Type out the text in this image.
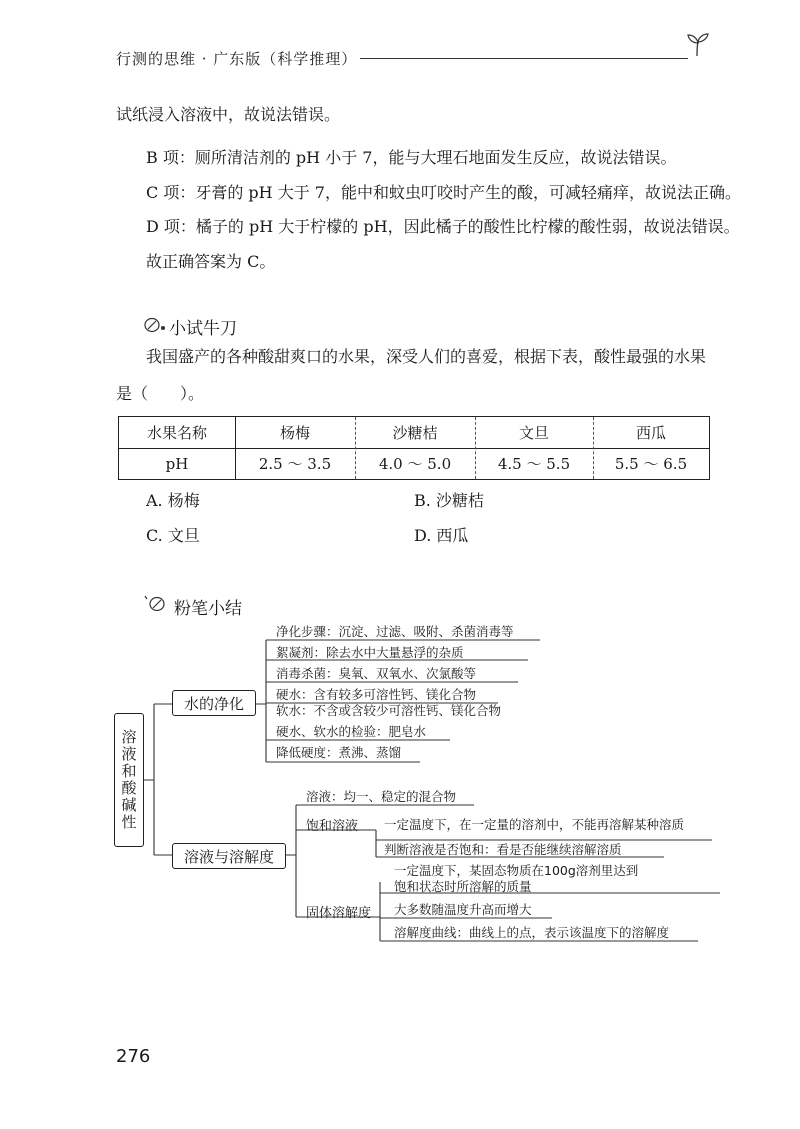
行测的思维 · 广东版（科学推理）
试纸浸入溶液中，故说法错误。
B 项：厕所清洁剂的 pH 小于 7，能与大理石地面发生反应，故说法错误。
C 项：牙膏的 pH 大于 7，能中和蚊虫叮咬时产生的酸，可减轻痛痒，故说法正确。
D 项：橘子的 pH 大于柠檬的 pH，因此橘子的酸性比柠檬的酸性弱，故说法错误。
故正确答案为 C。
小试牛刀
我国盛产的各种酸甜爽口的水果，深受人们的喜爱，根据下表，酸性最强的水果
是（　　）。
水果名称	杨梅	沙糖桔	文旦	西瓜
pH	2.5 ～ 3.5	4.0 ～ 5.0	4.5 ～ 5.5	5.5 ～ 6.5
A. 杨梅	B. 沙糖桔
C. 文旦	D. 西瓜
粉笔小结
溶液和酸碱性
水的净化
净化步骤：沉淀、过滤、吸附、杀菌消毒等
絮凝剂：除去水中大量悬浮的杂质
消毒杀菌：臭氧、双氧水、次氯酸等
硬水：含有较多可溶性钙、镁化合物
软水：不含或含较少可溶性钙、镁化合物
硬水、软水的检验：肥皂水
降低硬度：煮沸、蒸馏
溶液与溶解度
溶液：均一、稳定的混合物
饱和溶液 一定温度下，在一定量的溶剂中，不能再溶解某种溶质
判断溶液是否饱和：看是否能继续溶解溶质
固体溶解度
一定温度下，某固态物质在100g溶剂里达到
饱和状态时所溶解的质量
大多数随温度升高而增大
溶解度曲线：曲线上的点，表示该温度下的溶解度
276
